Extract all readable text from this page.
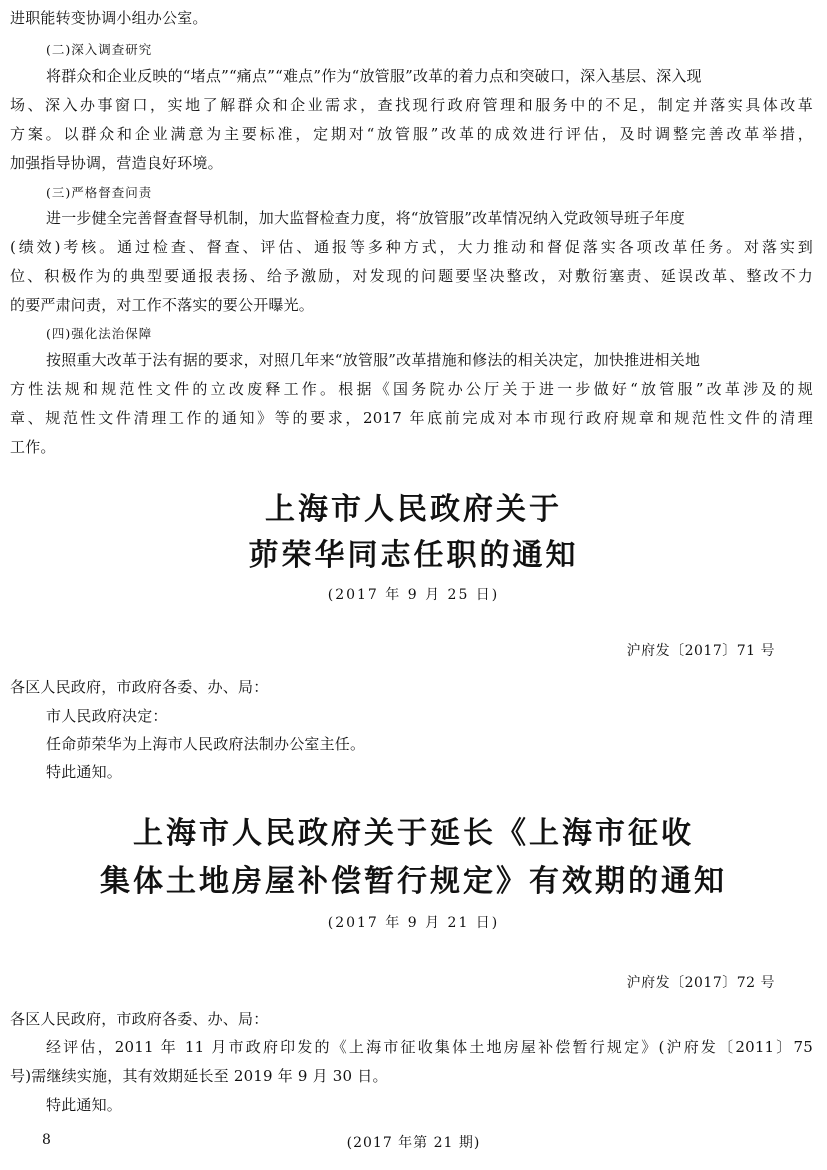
进职能转变协调小组办公室。
(二)深入调查研究
将群众和企业反映的“堵点”“痛点”“难点”作为“放管服”改革的着力点和突破口，深入基层、深入现
场、深入办事窗口，实地了解群众和企业需求，查找现行政府管理和服务中的不足，制定并落实具体改革
方案。以群众和企业满意为主要标准，定期对“放管服”改革的成效进行评估，及时调整完善改革举措，
加强指导协调，营造良好环境。
(三)严格督查问责
进一步健全完善督查督导机制，加大监督检查力度，将“放管服”改革情况纳入党政领导班子年度
(绩效)考核。通过检查、督查、评估、通报等多种方式，大力推动和督促落实各项改革任务。对落实到
位、积极作为的典型要通报表扬、给予激励，对发现的问题要坚决整改，对敷衍塞责、延误改革、整改不力
的要严肃问责，对工作不落实的要公开曝光。
(四)强化法治保障
按照重大改革于法有据的要求，对照几年来“放管服”改革措施和修法的相关决定，加快推进相关地
方性法规和规范性文件的立改废释工作。根据《国务院办公厅关于进一步做好“放管服”改革涉及的规
章、规范性文件清理工作的通知》等的要求，2017 年底前完成对本市现行政府规章和规范性文件的清理
工作。
上海市人民政府关于
茆荣华同志任职的通知
(2017 年 9 月 25 日)
沪府发〔2017〕71 号
各区人民政府，市政府各委、办、局：
市人民政府决定：
任命茆荣华为上海市人民政府法制办公室主任。
特此通知。
上海市人民政府关于延长《上海市征收
集体土地房屋补偿暂行规定》有效期的通知
(2017 年 9 月 21 日)
沪府发〔2017〕72 号
各区人民政府，市政府各委、办、局：
经评估，2011 年 11 月市政府印发的《上海市征收集体土地房屋补偿暂行规定》(沪府发〔2011〕75
号)需继续实施，其有效期延长至 2019 年 9 月 30 日。
特此通知。
8	(2017 年第 21 期)
